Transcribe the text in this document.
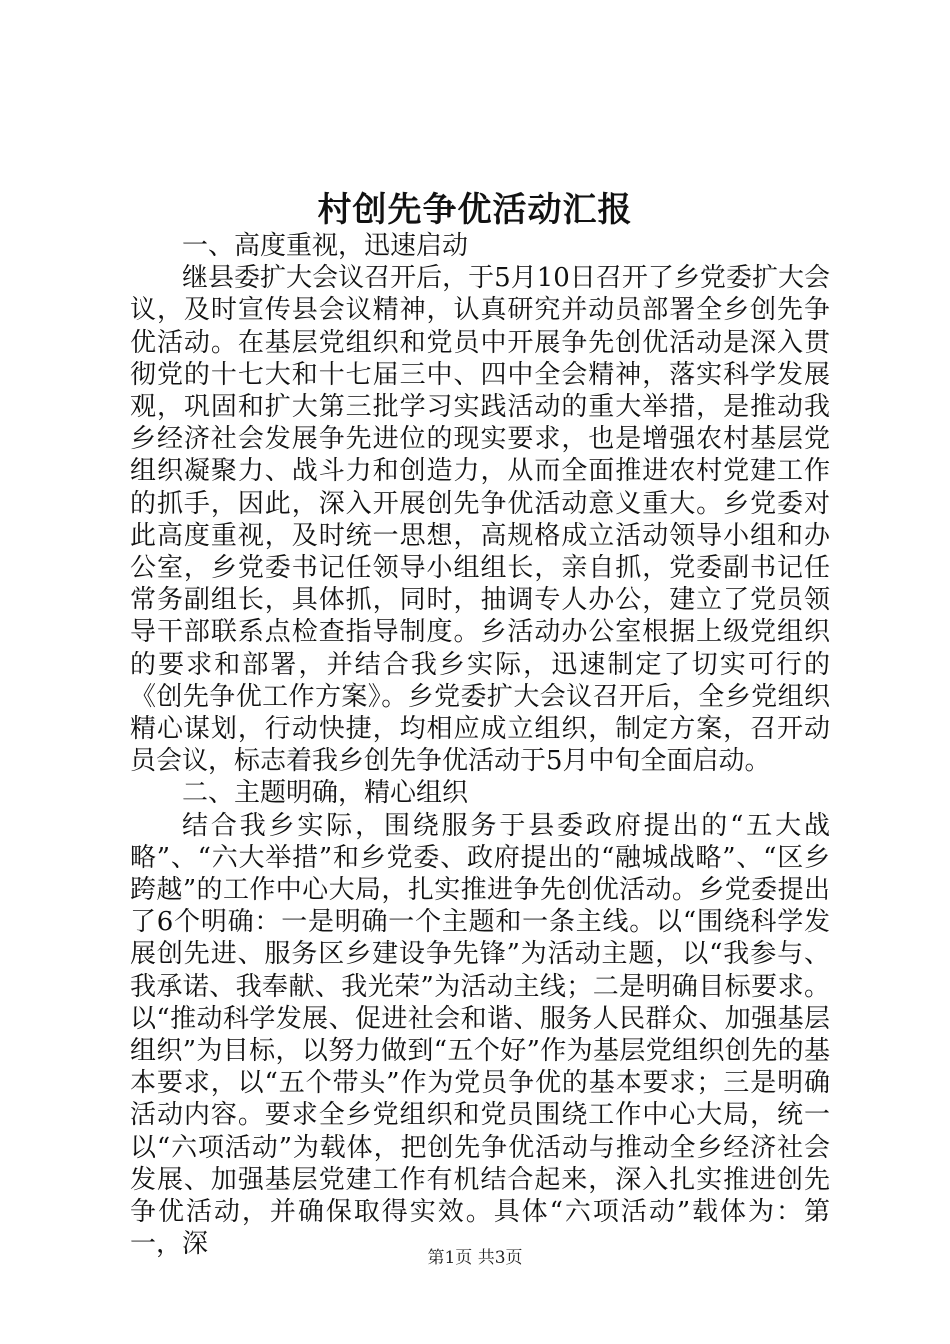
村创先争优活动汇报

一、高度重视，迅速启动

继县委扩大会议召开后，于5月10日召开了乡党委扩大会议，及时宣传县会议精神，认真研究并动员部署全乡创先争优活动。在基层党组织和党员中开展争先创优活动是深入贯彻党的十七大和十七届三中、四中全会精神，落实科学发展观，巩固和扩大第三批学习实践活动的重大举措，是推动我乡经济社会发展争先进位的现实要求，也是增强农村基层党组织凝聚力、战斗力和创造力，从而全面推进农村党建工作的抓手，因此，深入开展创先争优活动意义重大。乡党委对此高度重视，及时统一思想，高规格成立活动领导小组和办公室，乡党委书记任领导小组组长，亲自抓，党委副书记任常务副组长，具体抓，同时，抽调专人办公，建立了党员领导干部联系点检查指导制度。乡活动办公室根据上级党组织的要求和部署，并结合我乡实际，迅速制定了切实可行的《创先争优工作方案》。乡党委扩大会议召开后，全乡党组织精心谋划，行动快捷，均相应成立组织，制定方案，召开动员会议，标志着我乡创先争优活动于5月中旬全面启动。

二、主题明确，精心组织

结合我乡实际，围绕服务于县委政府提出的“五大战略”、“六大举措”和乡党委、政府提出的“融城战略”、“区乡跨越”的工作中心大局，扎实推进争先创优活动。乡党委提出了6个明确：一是明确一个主题和一条主线。以“围绕科学发展创先进、服务区乡建设争先锋”为活动主题，以“我参与、我承诺、我奉献、我光荣”为活动主线；二是明确目标要求。以“推动科学发展、促进社会和谐、服务人民群众、加强基层组织”为目标，以努力做到“五个好”作为基层党组织创先的基本要求，以“五个带头”作为党员争优的基本要求；三是明确活动内容。要求全乡党组织和党员围绕工作中心大局，统一以“六项活动”为载体，把创先争优活动与推动全乡经济社会发展、加强基层党建工作有机结合起来，深入扎实推进创先争优活动，并确保取得实效。具体“六项活动”载体为：第一，深	第1页 共3页
